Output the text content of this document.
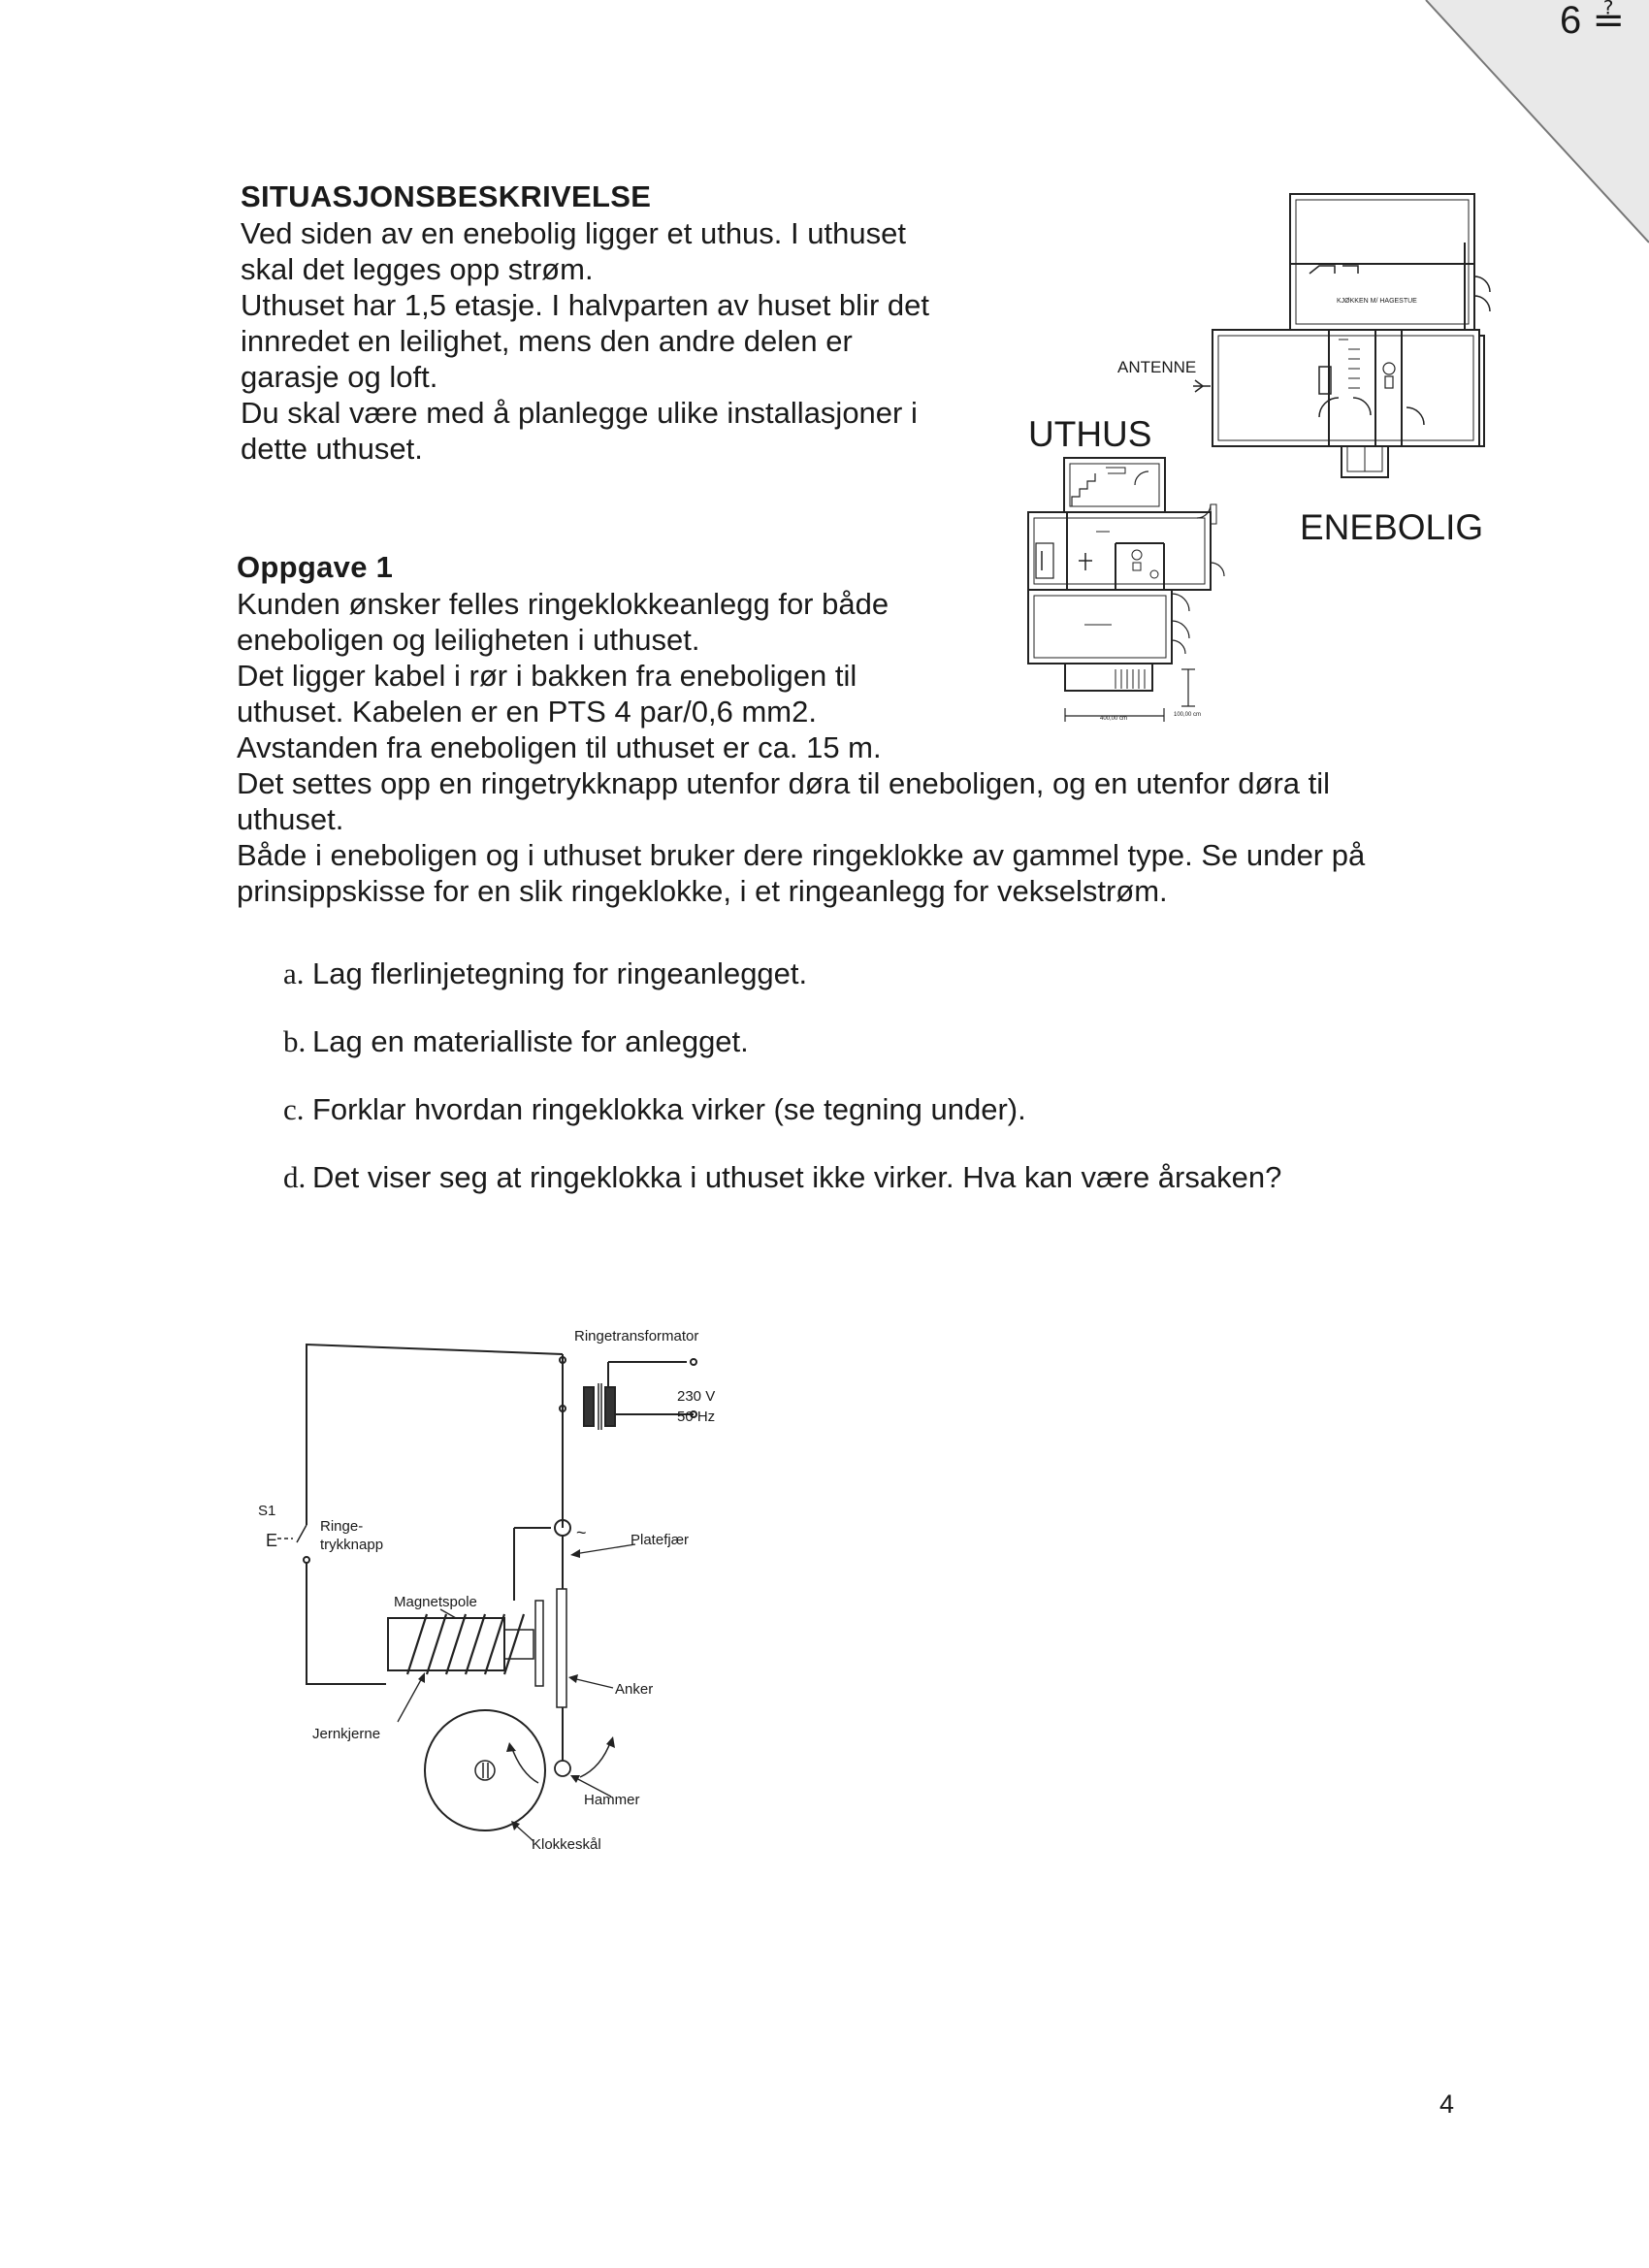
6 ≟

SITUASJONSBESKRIVELSE

Ved siden av en enebolig ligger et uthus. I uthuset

skal det legges opp strøm.

Uthuset har 1,5 etasje. I halvparten av huset blir det

innredet en leilighet, mens den andre delen er

garasje og loft.

Du skal være med å planlegge ulike installasjoner i

dette uthuset.

Oppgave 1

Kunden ønsker felles ringeklokkeanlegg for både

eneboligen og leiligheten i uthuset.

Det ligger kabel i rør i bakken fra eneboligen til

uthuset. Kabelen er en PTS 4 par/0,6 mm2.

Avstanden fra eneboligen til uthuset er ca. 15 m.

Det settes opp en ringetrykknapp utenfor døra til eneboligen, og en utenfor døra til

uthuset.

Både i eneboligen og i uthuset bruker dere ringeklokke av gammel type. Se under på

prinsippskisse for en slik ringeklokke, i et ringeanlegg for vekselstrøm.

a. Lag flerlinjetegning for ringeanlegget.
b. Lag en materialliste for anlegget.
c. Forklar hvordan ringeklokka virker (se tegning under).
d. Det viser seg at ringeklokka i uthuset ikke virker. Hva kan være årsaken?
KJØKKEN M/ HAGESTUE
ANTENNE
UTHUS
ENEBOLIG
400,00 cm
100,00 cm
Ringetransformator
230 V
50 Hz
~
S1
E
Ringe-
trykknapp	Platefjær
Magnetspole
Anker
Jernkjerne
Hammer
Klokkeskål
4
